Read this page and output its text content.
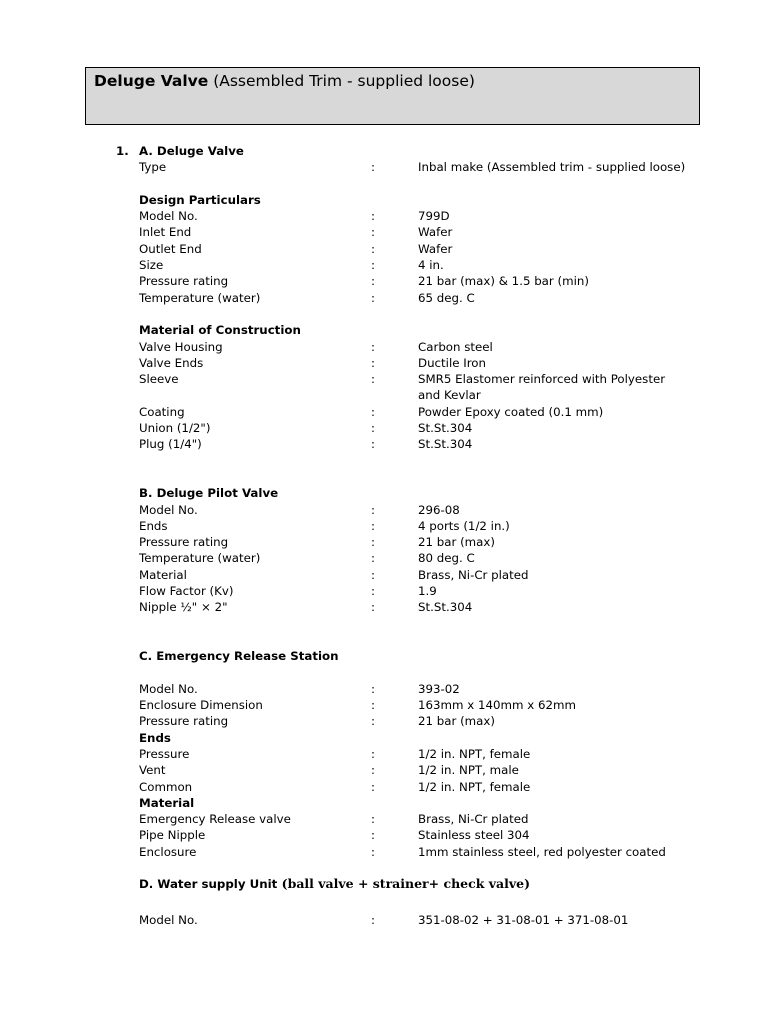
Deluge Valve (Assembled Trim - supplied loose)
1. A. Deluge Valve
Type	:	Inbal make (Assembled trim - supplied loose)
Design Particulars
Model No.	:	799D
Inlet End	:	Wafer
Outlet End	:	Wafer
Size	:	4 in.
Pressure rating	:	21 bar (max) & 1.5 bar (min)
Temperature (water)	:	65 deg. C
Material of Construction
Valve Housing	:	Carbon steel
Valve Ends	:	Ductile Iron
Sleeve	:	SMR5 Elastomer reinforced with Polyester
and Kevlar
Coating	:	Powder Epoxy coated (0.1 mm)
Union (1/2")	:	St.St.304
Plug (1/4")	:	St.St.304
B. Deluge Pilot Valve
Model No.	:	296-08
Ends	:	4 ports (1/2 in.)
Pressure rating	:	21 bar (max)
Temperature (water)	:	80 deg. C
Material	:	Brass, Ni-Cr plated
Flow Factor (Kv)	:	1.9
Nipple ½" × 2"	:	St.St.304
C. Emergency Release Station
Model No.	:	393-02
Enclosure Dimension	:	163mm x 140mm x 62mm
Pressure rating	:	21 bar (max)
Ends
Pressure	:	1/2 in. NPT, female
Vent	:	1/2 in. NPT, male
Common	:	1/2 in. NPT, female
Material
Emergency Release valve	:	Brass, Ni-Cr plated
Pipe Nipple	:	Stainless steel 304
Enclosure	:	1mm stainless steel, red polyester coated
D. Water supply Unit (ball valve + strainer+ check valve)
Model No.	:	351-08-02 + 31-08-01 + 371-08-01
